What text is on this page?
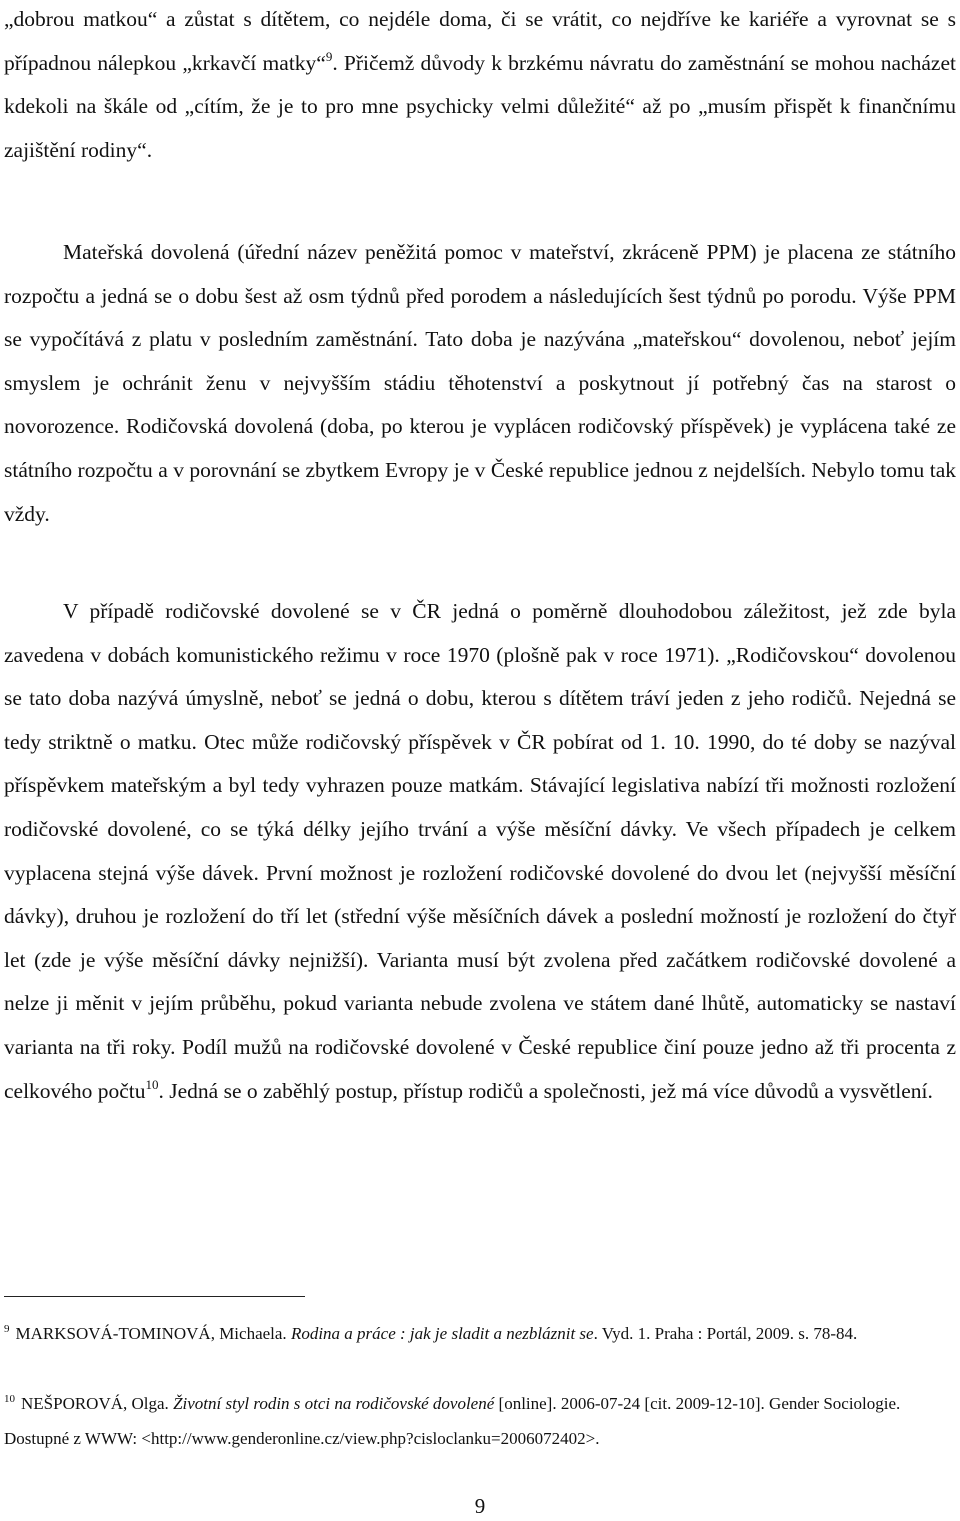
„dobrou matkou“ a zůstat s dítětem, co nejdéle doma, či se vrátit, co nejdříve ke kariéře a vyrovnat se s případnou nálepkou „krkavčí matky“$^9$. Přičemž důvody k brzkému návratu do zaměstnání se mohou nacházet kdekoli na škále od „cítím, že je to pro mne psychicky velmi důležité“ až po „musím přispět k finančnímu zajištění rodiny“.

Mateřská dovolená (úřední název peněžitá pomoc v mateřství, zkráceně PPM) je placena ze státního rozpočtu a jedná se o dobu šest až osm týdnů před porodem a následujících šest týdnů po porodu. Výše PPM se vypočítává z platu v posledním zaměstnání. Tato doba je nazývána „mateřskou“ dovolenou, neboť jejím smyslem je ochránit ženu v nejvyšším stádiu těhotenství a poskytnout jí potřebný čas na starost o novorozence. Rodičovská dovolená (doba, po kterou je vyplácen rodičovský příspěvek) je vyplácena také ze státního rozpočtu a v porovnání se zbytkem Evropy je v České republice jednou z nejdelších. Nebylo tomu tak vždy.

V případě rodičovské dovolené se v ČR jedná o poměrně dlouhodobou záležitost, jež zde byla zavedena v dobách komunistického režimu v roce 1970 (plošně pak v roce 1971). „Rodičovskou“ dovolenou se tato doba nazývá úmyslně, neboť se jedná o dobu, kterou s dítětem tráví jeden z jeho rodičů. Nejedná se tedy striktně o matku. Otec může rodičovský příspěvek v ČR pobírat od 1. 10. 1990, do té doby se nazýval příspěvkem mateřským a byl tedy vyhrazen pouze matkám. Stávající legislativa nabízí tři možnosti rozložení rodičovské dovolené, co se týká délky jejího trvání a výše měsíční dávky. Ve všech případech je celkem vyplacena stejná výše dávek. První možnost je rozložení rodičovské dovolené do dvou let (nejvyšší měsíční dávky), druhou je rozložení do tří let (střední výše měsíčních dávek a poslední možností je rozložení do čtyř let (zde je výše měsíční dávky nejnižší). Varianta musí být zvolena před začátkem rodičovské dovolené a nelze ji měnit v jejím průběhu, pokud varianta nebude zvolena ve státem dané lhůtě, automaticky se nastaví varianta na tři roky. Podíl mužů na rodičovské dovolené v České republice činí pouze jedno až tři procenta z celkového počtu$^{10}$. Jedná se o zaběhlý postup, přístup rodičů a společnosti, jež má více důvodů a vysvětlení.

$^9$ MARKSOVÁ-TOMINOVÁ, Michaela. Rodina a práce : jak je sladit a nezbláznit se. Vyd. 1. Praha : Portál, 2009. s. 78-84.

$^{10}$ NEŠPOROVÁ, Olga. Životní styl rodin s otci na rodičovské dovolené [online]. 2006-07-24 [cit. 2009-12-10]. Gender Sociologie. Dostupné z WWW: <http://www.genderonline.cz/view.php?cisloclanku=2006072402>.

9
